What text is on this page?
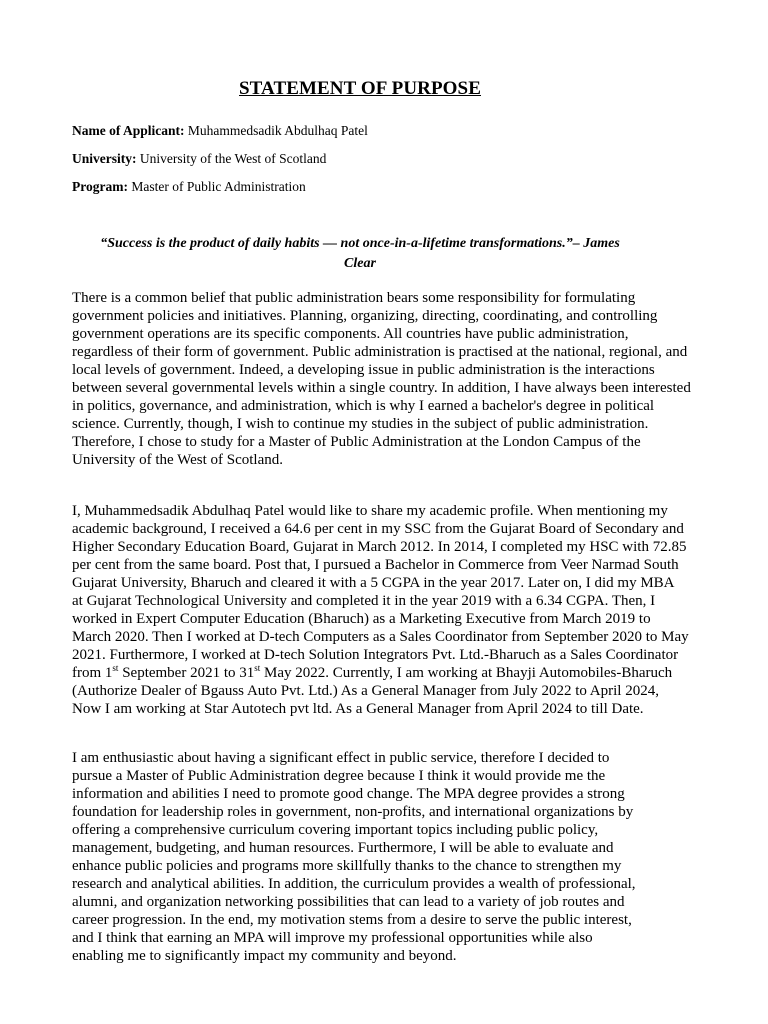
STATEMENT OF PURPOSE
Name of Applicant: Muhammedsadik Abdulhaq Patel
University: University of the West of Scotland
Program: Master of Public Administration
“Success is the product of daily habits — not once-in-a-lifetime transformations.”– James
Clear
There is a common belief that public administration bears some responsibility for formulating
government policies and initiatives. Planning, organizing, directing, coordinating, and controlling
government operations are its specific components. All countries have public administration,
regardless of their form of government. Public administration is practised at the national, regional, and
local levels of government. Indeed, a developing issue in public administration is the interactions
between several governmental levels within a single country. In addition, I have always been interested
in politics, governance, and administration, which is why I earned a bachelor's degree in political
science. Currently, though, I wish to continue my studies in the subject of public administration.
Therefore, I chose to study for a Master of Public Administration at the London Campus of the
University of the West of Scotland.
I, Muhammedsadik Abdulhaq Patel would like to share my academic profile. When mentioning my
academic background, I received a 64.6 per cent in my SSC from the Gujarat Board of Secondary and
Higher Secondary Education Board, Gujarat in March 2012. In 2014, I completed my HSC with 72.85
per cent from the same board. Post that, I pursued a Bachelor in Commerce from Veer Narmad South
Gujarat University, Bharuch and cleared it with a 5 CGPA in the year 2017. Later on, I did my MBA
at Gujarat Technological University and completed it in the year 2019 with a 6.34 CGPA. Then, I
worked in Expert Computer Education (Bharuch) as a Marketing Executive from March 2019 to
March 2020. Then I worked at D-tech Computers as a Sales Coordinator from September 2020 to May
2021. Furthermore, I worked at D-tech Solution Integrators Pvt. Ltd.-Bharuch as a Sales Coordinator
from 1st September 2021 to 31st May 2022. Currently, I am working at Bhayji Automobiles-Bharuch
(Authorize Dealer of Bgauss Auto Pvt. Ltd.) As a General Manager from July 2022 to April 2024,
Now I am working at Star Autotech pvt ltd. As a General Manager from April 2024 to till Date.
I am enthusiastic about having a significant effect in public service, therefore I decided to
pursue a Master of Public Administration degree because I think it would provide me the
information and abilities I need to promote good change. The MPA degree provides a strong
foundation for leadership roles in government, non-profits, and international organizations by
offering a comprehensive curriculum covering important topics including public policy,
management, budgeting, and human resources. Furthermore, I will be able to evaluate and
enhance public policies and programs more skillfully thanks to the chance to strengthen my
research and analytical abilities. In addition, the curriculum provides a wealth of professional,
alumni, and organization networking possibilities that can lead to a variety of job routes and
career progression. In the end, my motivation stems from a desire to serve the public interest,
and I think that earning an MPA will improve my professional opportunities while also
enabling me to significantly impact my community and beyond.
